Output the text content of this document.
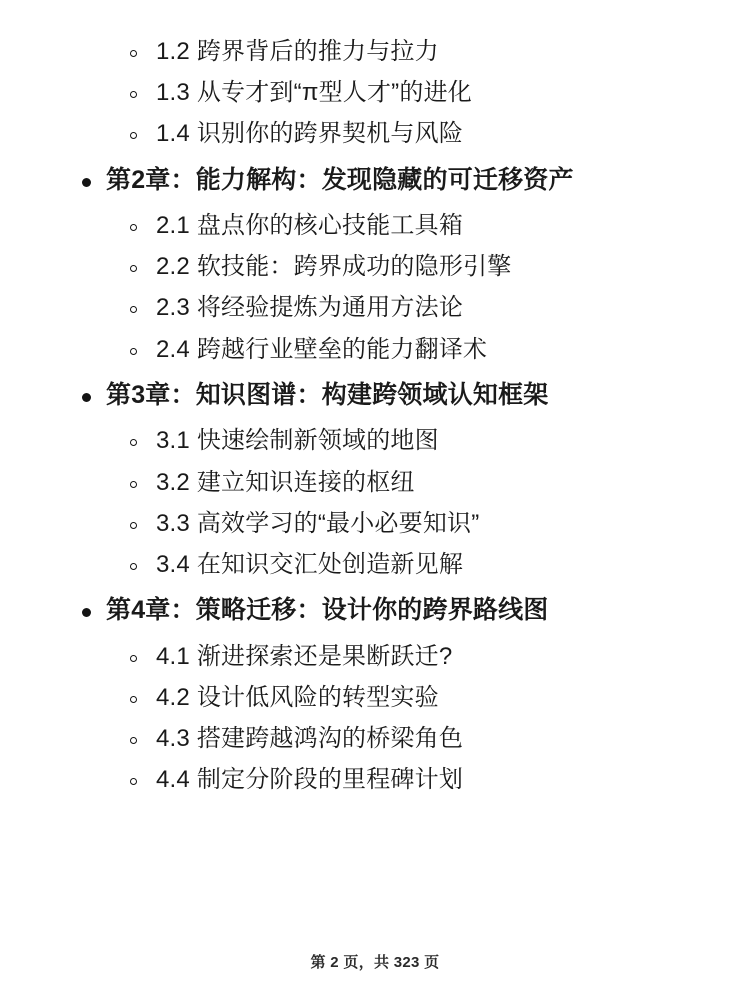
1.2 跨界背后的推力与拉力
1.3 从专才到“π型人才”的进化
1.4 识别你的跨界契机与风险
第2章：能力解构：发现隐藏的可迁移资产
2.1 盘点你的核心技能工具箱
2.2 软技能：跨界成功的隐形引擎
2.3 将经验提炼为通用方法论
2.4 跨越行业壁垒的能力翻译术
第3章：知识图谱：构建跨领域认知框架
3.1 快速绘制新领域的地图
3.2 建立知识连接的枢纽
3.3 高效学习的“最小必要知识”
3.4 在知识交汇处创造新见解
第4章：策略迁移：设计你的跨界路线图
4.1 渐进探索还是果断跃迁?
4.2 设计低风险的转型实验
4.3 搭建跨越鸿沟的桥梁角色
4.4 制定分阶段的里程碑计划
第 2 页，共 323 页
